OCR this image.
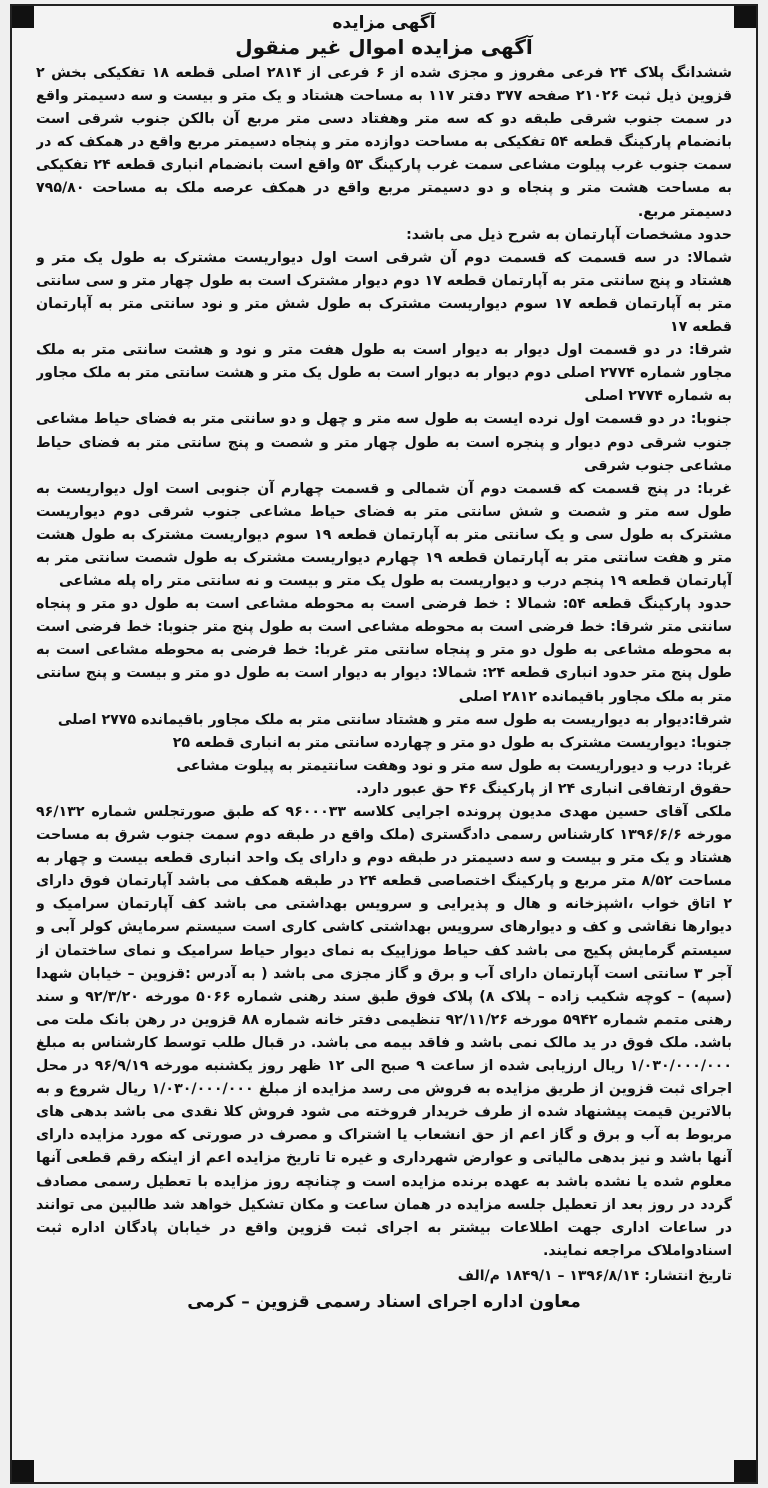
آگهی مزایده

آگهی مزایده اموال غیر منقول

ششدانگ پلاک ۲۴ فرعی مفروز و مجزی شده از ۶ فرعی از ۲۸۱۴ اصلی قطعه ۱۸ تفکیکی بخش ۲ قزوین ذیل ثبت ۲۱۰۲۶ صفحه ۳۷۷ دفتر ۱۱۷ به مساحت هشتاد و یک متر و بیست و سه دسیمتر واقع در سمت جنوب شرقی طبقه دو که سه متر وهفتاد دسی متر مربع آن بالکن جنوب شرقی است بانضمام پارکینگ قطعه ۵۴ تفکیکی به مساحت دوازده متر و پنجاه دسیمتر مربع واقع در همکف که در سمت جنوب غرب پیلوت مشاعی سمت غرب پارکینگ ۵۳ واقع است بانضمام انباری قطعه ۲۴ تفکیکی به مساحت هشت متر و پنجاه و دو دسیمتر مربع واقع در همکف عرصه ملک به مساحت ۷۹۵/۸۰ دسیمتر مربع.

حدود مشخصات آپارتمان به شرح ذیل می باشد:

شمالا: در سه قسمت که قسمت دوم آن شرقی است اول دیواریست مشترک به طول یک متر و هشتاد و پنج سانتی متر به آپارتمان قطعه ۱۷ دوم دیوار مشترک است به طول چهار متر و سی سانتی متر به آپارتمان قطعه ۱۷ سوم دیواریست مشترک به طول شش متر و نود سانتی متر به آپارتمان قطعه ۱۷

شرقا: در دو قسمت اول دیوار به دیوار است به طول هفت متر و نود و هشت سانتی متر به ملک مجاور شماره ۲۷۷۴ اصلی دوم دیوار به دیوار است به طول یک متر و هشت سانتی متر به ملک مجاور به شماره ۲۷۷۴ اصلی

جنوبا: در دو قسمت اول نرده ایست به طول سه متر و چهل و دو سانتی متر به فضای حیاط مشاعی جنوب شرقی دوم دیوار و پنجره است به طول چهار متر و شصت و پنج سانتی متر به فضای حیاط مشاعی جنوب شرقی

غربا: در پنج قسمت که قسمت دوم آن شمالی و قسمت چهارم آن جنوبی است اول دیواریست به طول سه متر و شصت و شش سانتی متر به فضای حیاط مشاعی جنوب شرقی دوم دیواریست مشترک به طول سی و یک سانتی متر به آپارتمان قطعه ۱۹ سوم دیواریست مشترک به طول هشت متر و هفت سانتی متر به آپارتمان قطعه ۱۹ چهارم دیواریست مشترک به طول شصت سانتی متر به آپارتمان قطعه ۱۹ پنجم درب و دیواریست به طول یک متر و بیست و نه سانتی متر راه پله مشاعی

حدود پارکینگ قطعه ۵۴: شمالا : خط فرضی است به محوطه مشاعی است به طول دو متر و پنجاه سانتی متر شرقا: خط فرضی است به محوطه مشاعی است به طول پنج متر جنوبا: خط فرضی است به محوطه مشاعی به طول دو متر و پنجاه سانتی متر غربا: خط فرضی به محوطه مشاعی است به طول پنج متر حدود انباری قطعه ۲۴: شمالا: دیوار به دیوار است به طول دو متر و بیست و پنج سانتی متر به ملک مجاور باقیمانده ۲۸۱۲ اصلی

شرقا:دیوار به دیواریست به طول سه متر و هشتاد سانتی متر به ملک مجاور باقیمانده ۲۷۷۵ اصلی

جنوبا: دیواریست مشترک به طول دو متر و چهارده سانتی متر به انباری قطعه ۲۵

غربا: درب و دیوراریست به طول سه متر و نود وهفت سانتیمتر به پیلوت مشاعی

حقوق ارتفاقی انباری ۲۴ از پارکینگ ۴۶ حق عبور دارد.

ملکی آقای حسین مهدی مدیون پرونده اجرایی کلاسه ۹۶۰۰۰۳۳ که طبق صورتجلس شماره ۹۶/۱۳۲ مورخه ۱۳۹۶/۶/۶ کارشناس رسمی دادگستری (ملک واقع در طبقه دوم سمت جنوب شرق به مساحت هشتاد و یک متر و بیست و سه دسیمتر در طبقه دوم و دارای یک واحد انباری قطعه بیست و چهار به مساحت ۸/۵۲ متر مربع و پارکینگ اختصاصی قطعه ۲۴ در طبقه همکف می باشد آپارتمان فوق دارای ۲ اتاق خواب ،اشپزخانه و هال و پذیرایی و سرویس بهداشتی می باشد کف آپارتمان سرامیک و دیوارها نقاشی و کف و دیوارهای سرویس بهداشتی کاشی کاری است سیستم سرمایش کولر آبی و سیستم گرمایش پکیج می باشد کف حیاط موزاییک به نمای دیوار حیاط سرامیک و نمای ساختمان از آجر ۳ سانتی است آپارتمان دارای آب و برق و گاز مجزی می باشد ( به آدرس :قزوین – خیابان شهدا (سپه) – کوچه شکیب زاده – پلاک ۸) پلاک فوق طبق سند رهنی شماره ۵۰۶۶ مورخه ۹۲/۳/۲۰ و سند رهنی متمم شماره ۵۹۴۲ مورخه ۹۲/۱۱/۲۶ تنظیمی دفتر خانه شماره ۸۸ قزوین در رهن بانک ملت می باشد. ملک فوق در ید مالک نمی باشد و فاقد بیمه می باشد. در قبال طلب توسط کارشناس به مبلغ ۱/۰۳۰/۰۰۰/۰۰۰ ریال ارزیابی شده از ساعت ۹ صبح الی ۱۲ ظهر روز یکشنبه مورخه ۹۶/۹/۱۹ در محل اجرای ثبت قزوین از طریق مزایده به فروش می رسد مزایده از مبلغ ۱/۰۳۰/۰۰۰/۰۰۰ ریال شروع و به بالاترین قیمت پیشنهاد شده از طرف خریدار فروخته می شود فروش کلا نقدی می باشد بدهی های مربوط به آب و برق و گاز اعم از حق انشعاب یا اشتراک و مصرف در صورتی که مورد مزایده دارای آنها باشد و نیز بدهی مالیاتی و عوارض شهرداری و غیره تا تاریخ مزایده اعم از اینکه رقم قطعی آنها معلوم شده یا نشده باشد به عهده برنده مزایده است و چنانچه روز مزایده با تعطیل رسمی مصادف گردد در روز بعد از تعطیل جلسه مزایده در همان ساعت و مکان تشکیل خواهد شد طالبین می توانند در ساعات اداری جهت اطلاعات بیشتر به اجرای ثبت قزوین واقع در خیابان پادگان اداره ثبت اسنادواملاک مراجعه نمایند.

تاریخ انتشار: ۱۳۹۶/۸/۱۴ – ۱۸۴۹/۱ م/الف

معاون اداره اجرای اسناد رسمی قزوین – کرمی
